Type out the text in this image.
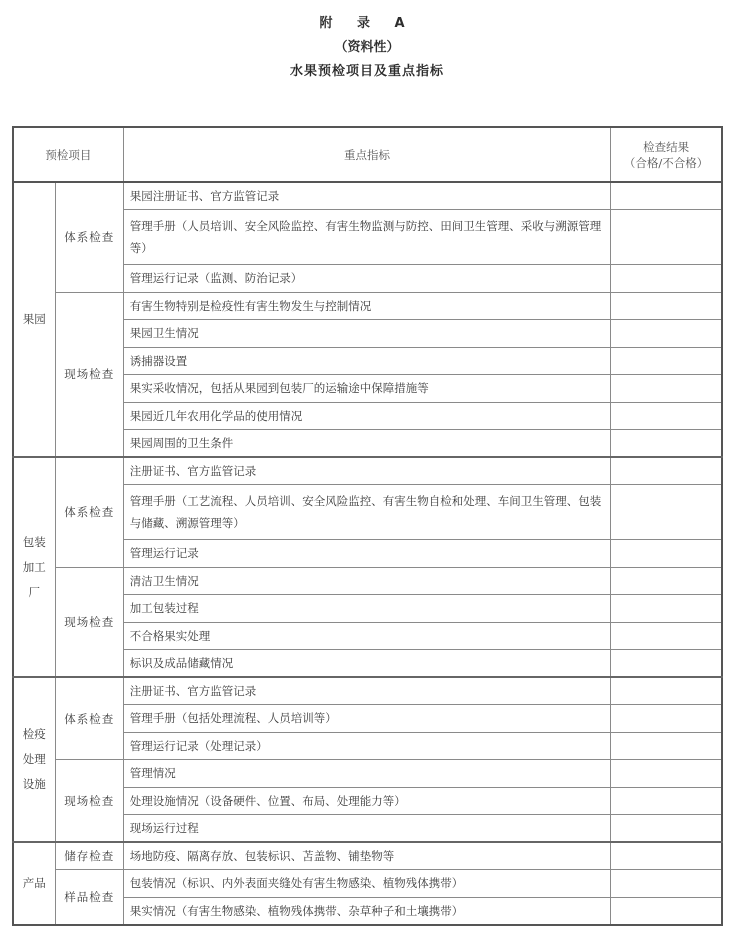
附 录 A
（资料性）
水果预检项目及重点指标
预检项目		重点指标	检查结果
（合格/不合格）

果园	体系检查	果园注册证书、官方监管记录	
		管理手册（人员培训、安全风险监控、有害生物监测与防控、田间卫生管理、采收与溯源管理等）	
		管理运行记录（监测、防治记录）	
	现场检查	有害生物特别是检疫性有害生物发生与控制情况	
		果园卫生情况	
		诱捕器设置	
		果实采收情况，包括从果园到包装厂的运输途中保障措施等	
		果园近几年农用化学品的使用情况	
		果园周围的卫生条件	

包装
加工
厂	体系检查	注册证书、官方监管记录	
		管理手册（工艺流程、人员培训、安全风险监控、有害生物自检和处理、车间卫生管理、包装与储藏、溯源管理等）	
		管理运行记录	
	现场检查	清洁卫生情况	
		加工包装过程	
		不合格果实处理	
		标识及成品储藏情况	

检疫
处理
设施	体系检查	注册证书、官方监管记录	
		管理手册（包括处理流程、人员培训等）	
		管理运行记录（处理记录）	
	现场检查	管理情况	
		处理设施情况（设备硬件、位置、布局、处理能力等）	
		现场运行过程	
产品	储存检查	场地防疫、隔离存放、包装标识、苫盖物、铺垫物等	
	样品检查	包装情况（标识、内外表面夹缝处有害生物感染、植物残体携带）	
		果实情况（有害生物感染、植物残体携带、杂草种子和土壤携带）	
